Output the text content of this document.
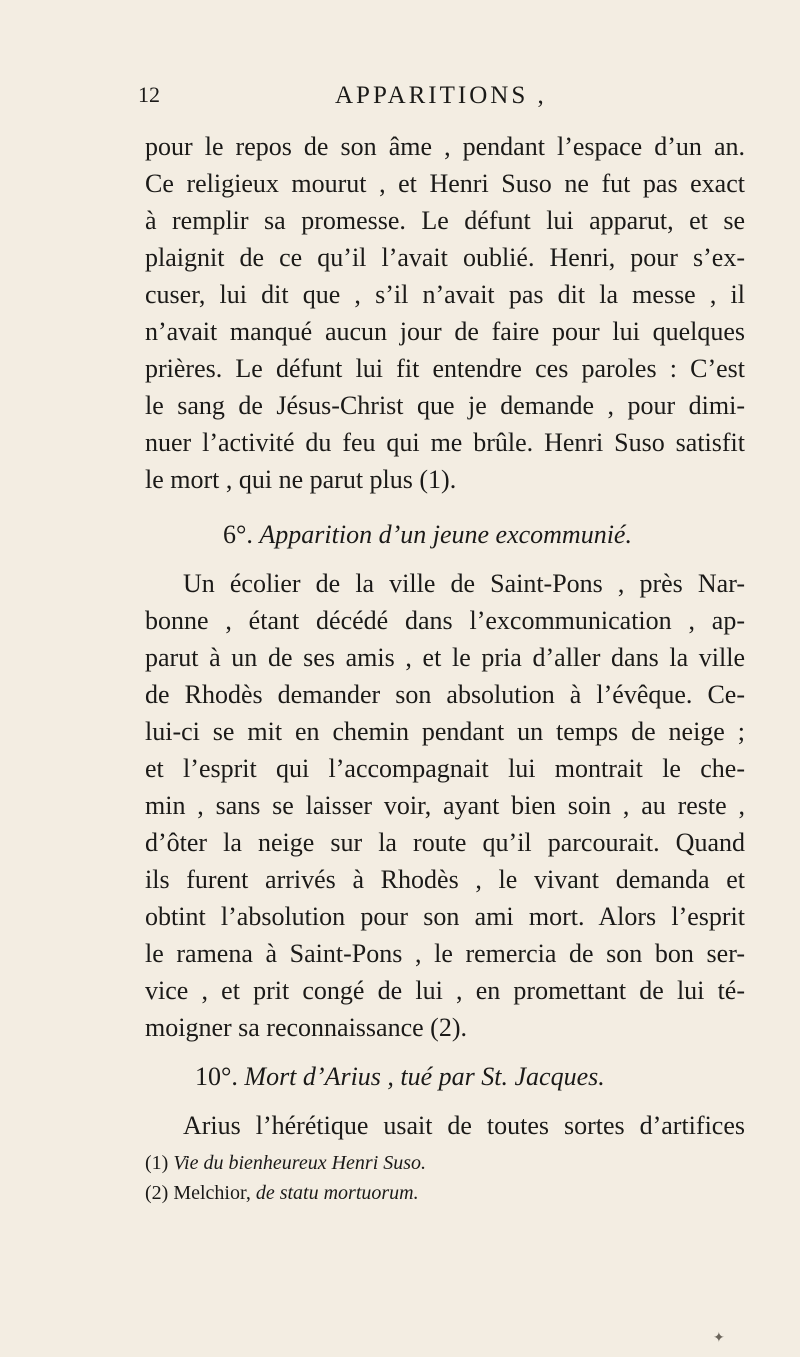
12	APPARITIONS ,
pour le repos de son âme , pendant l’espace d’un an.
Ce religieux mourut , et Henri Suso ne fut pas exact
à remplir sa promesse. Le défunt lui apparut, et se
plaignit de ce qu’il l’avait oublié. Henri, pour s’ex-
cuser, lui dit que , s’il n’avait pas dit la messe , il
n’avait manqué aucun jour de faire pour lui quelques
prières. Le défunt lui fit entendre ces paroles : C’est
le sang de Jésus-Christ que je demande , pour dimi-
nuer l’activité du feu qui me brûle. Henri Suso satisfit
le mort , qui ne parut plus (1).
6°. Apparition d’un jeune excommunié.
Un écolier de la ville de Saint-Pons , près Nar-
bonne , étant décédé dans l’excommunication , ap-
parut à un de ses amis , et le pria d’aller dans la ville
de Rhodès demander son absolution à l’évêque. Ce-
lui-ci se mit en chemin pendant un temps de neige ;
et l’esprit qui l’accompagnait lui montrait le che-
min , sans se laisser voir, ayant bien soin , au reste ,
d’ôter la neige sur la route qu’il parcourait. Quand
ils furent arrivés à Rhodès , le vivant demanda et
obtint l’absolution pour son ami mort. Alors l’esprit
le ramena à Saint-Pons , le remercia de son bon ser-
vice , et prit congé de lui , en promettant de lui té-
moigner sa reconnaissance (2).
10°. Mort d’Arius , tué par St. Jacques.
Arius l’hérétique usait de toutes sortes d’artifices
(1) Vie du bienheureux Henri Suso.
(2) Melchior, de statu mortuorum.
✦
